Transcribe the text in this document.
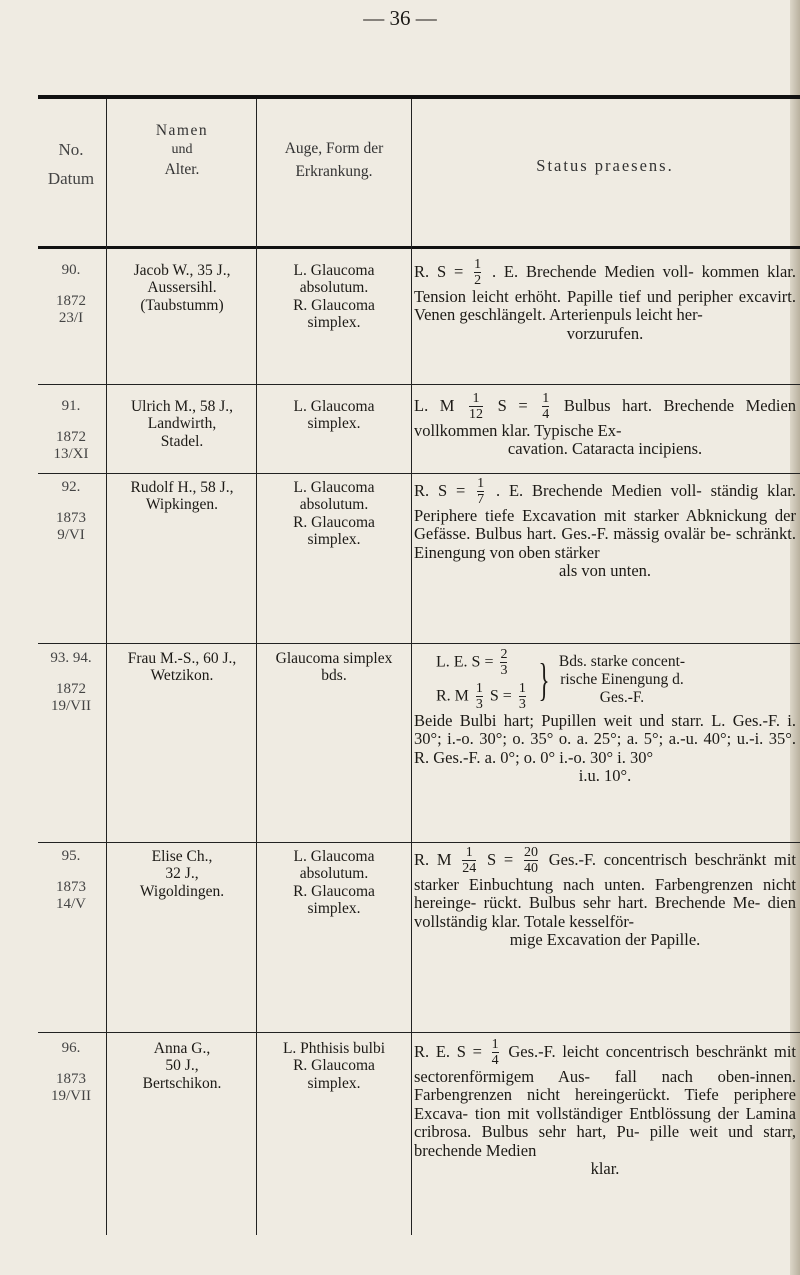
— 36 —
No.
Datum
Namen
und
Alter.
Auge, Form der
Erkrankung.	Status praesens.
90.
1872
23/I
Jacob W., 35 J.,
Aussersihl.
(Taubstumm)
L. Glaucoma
absolutum.
R. Glaucoma
simplex.
R. $S = \frac{1}{2}$ . E. Brechende Medien voll- kommen klar. Tension leicht erhöht. Papille tief und peripher excavirt. Venen geschlängelt. Arterienpuls leicht her-
vorzurufen.
91.
1872
13/XI
Ulrich M., 58 J.,
Landwirth,
Stadel.
L. Glaucoma
simplex.
L. M $\frac{1}{12}$ $S = \frac{1}{4}$ Bulbus hart. Brechende Medien vollkommen klar. Typische Ex-
cavation. Cataracta incipiens.
92.
1873
9/VI
Rudolf H., 58 J.,
Wipkingen.
L. Glaucoma
absolutum.
R. Glaucoma
simplex.
R. $S = \frac{1}{7}$ . E. Brechende Medien voll- ständig klar. Periphere tiefe Excavation mit starker Abknickung der Gefässe. Bulbus hart. Ges.-F. mässig ovalär be- schränkt. Einengung von oben stärker
als von unten.
93. 94.
1872
19/VII
Frau M.-S., 60 J.,
Wetzikon.
Glaucoma simplex
bds.
L. E. $S = \frac{2}{3}$
R. M $\frac{1}{3}$ $S = \frac{1}{3}$ } Bds. starke concent-
rische Einengung d.
Ges.-F.
Beide Bulbi hart; Pupillen weit und starr. L. Ges.-F. i. 30°; i.-o. 30°; o. 35° o. a. 25°; a. 5°; a.-u. 40°; u.-i. 35°. R. Ges.-F. a. 0°; o. 0° i.-o. 30° i. 30°
i.u. 10°.
95.
1873
14/V
Elise Ch.,
32 J.,
Wigoldingen.
L. Glaucoma
absolutum.
R. Glaucoma
simplex.
R. M $\frac{1}{24}$ $S = \frac{20}{40} Ges.-F$. concentrisch beschränkt mit starker Einbuchtung nach unten. Farbengrenzen nicht hereinge- rückt. Bulbus sehr hart. Brechende Me- dien vollständig klar. Totale kesselför-
mige Excavation der Papille.
96.
1873
19/VII
Anna G.,
50 J.,
Bertschikon.
L. Phthisis bulbi
R. Glaucoma
simplex.
R. E. $S = \frac{1}{4} Ges.-F$. leicht concentrisch beschränkt mit sectorenförmigem Aus- fall nach oben-innen. Farbengrenzen nicht hereingerückt. Tiefe periphere Excava- tion mit vollständiger Entblössung der Lamina cribrosa. Bulbus sehr hart, Pu- pille weit und starr, brechende Medien
klar.
